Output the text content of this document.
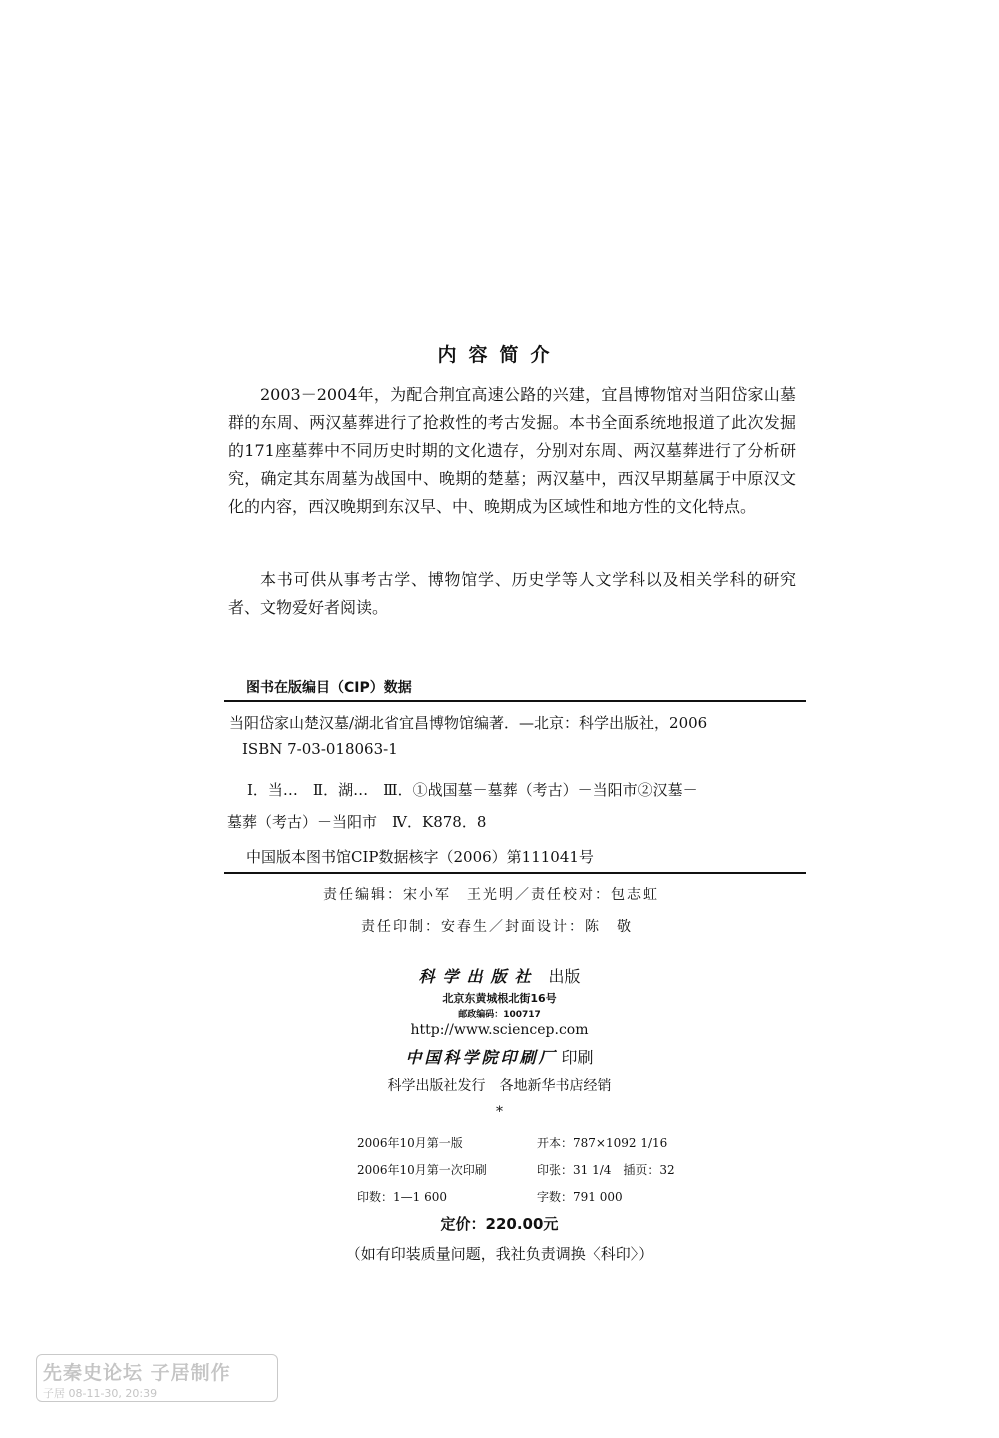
内容简介
2003－2004年，为配合荆宜高速公路的兴建，宜昌博物馆对当阳岱家山墓群的东周、两汉墓葬进行了抢救性的考古发掘。本书全面系统地报道了此次发掘的171座墓葬中不同历史时期的文化遗存，分别对东周、两汉墓葬进行了分析研究，确定其东周墓为战国中、晚期的楚墓；两汉墓中，西汉早期墓属于中原汉文化的内容，西汉晚期到东汉早、中、晚期成为区域性和地方性的文化特点。
本书可供从事考古学、博物馆学、历史学等人文学科以及相关学科的研究者、文物爱好者阅读。
图书在版编目（CIP）数据
当阳岱家山楚汉墓/湖北省宜昌博物馆编著．—北京：科学出版社，2006
ISBN 7-03-018063-1
Ⅰ．当…　Ⅱ．湖…　Ⅲ．①战国墓－墓葬（考古）－当阳市②汉墓－
墓葬（考古）－当阳市　Ⅳ．K878．8
中国版本图书馆CIP数据核字（2006）第111041号
责任编辑：宋小军　王光明／责任校对：包志虹
责任印制：安春生／封面设计：陈　敬
科学出版社 出版
北京东黄城根北街16号
邮政编码：100717
http://www.sciencep.com
中国科学院印刷厂 印刷
科学出版社发行　各地新华书店经销
*
2006年10月第一版	开本：787×1092 1/16
2006年10月第一次印刷	印张：31 1/4　插页：32
印数：1—1 600	字数：791 000
定价：220.00元
（如有印装质量问题，我社负责调换〈科印〉）
先秦史论坛 子居制作
子居 08-11-30, 20:39
